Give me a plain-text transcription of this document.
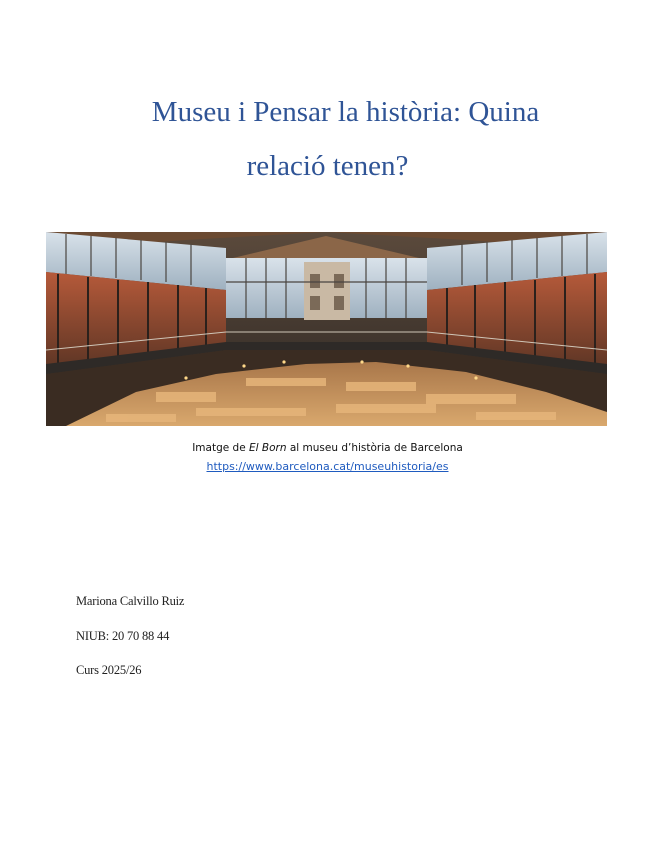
Museu i Pensar la història: Quina
relació tenen?
Imatge de El Born al museu d’història de Barcelona
https://www.barcelona.cat/museuhistoria/es
Mariona Calvillo Ruiz
NIUB: 20 70 88 44
Curs 2025/26
